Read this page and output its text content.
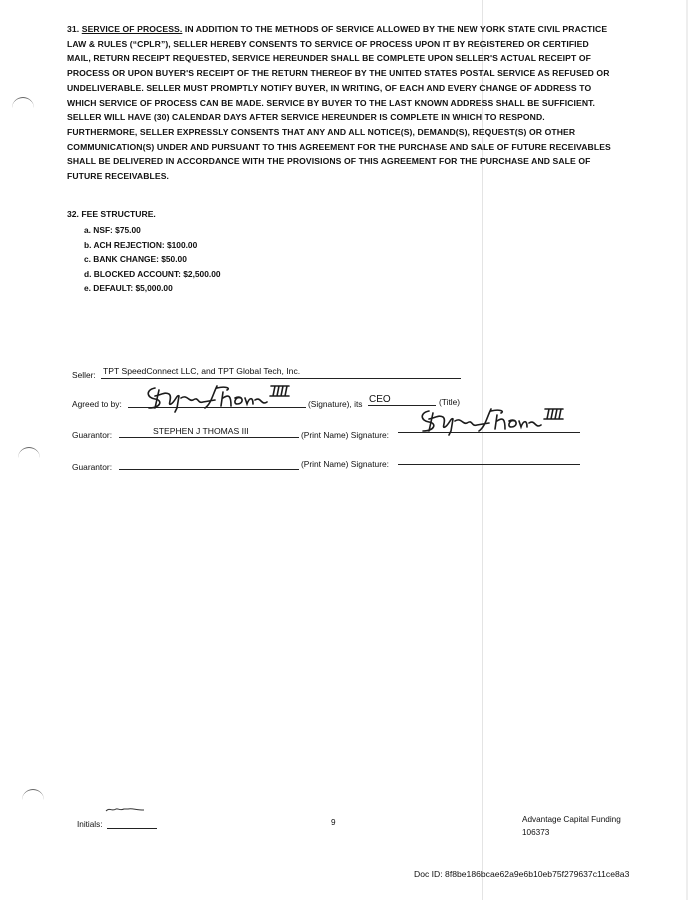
31. SERVICE OF PROCESS. IN ADDITION TO THE METHODS OF SERVICE ALLOWED BY THE NEW YORK STATE CIVIL PRACTICE LAW & RULES (“CPLR”), SELLER HEREBY CONSENTS TO SERVICE OF PROCESS UPON IT BY REGISTERED OR CERTIFIED MAIL, RETURN RECEIPT REQUESTED, SERVICE HEREUNDER SHALL BE COMPLETE UPON SELLER'S ACTUAL RECEIPT OF PROCESS OR UPON BUYER'S RECEIPT OF THE RETURN THEREOF BY THE UNITED STATES POSTAL SERVICE AS REFUSED OR UNDELIVERABLE. SELLER MUST PROMPTLY NOTIFY BUYER, IN WRITING, OF EACH AND EVERY CHANGE OF ADDRESS TO WHICH SERVICE OF PROCESS CAN BE MADE. SERVICE BY BUYER TO THE LAST KNOWN ADDRESS SHALL BE SUFFICIENT. SELLER WILL HAVE (30) CALENDAR DAYS AFTER SERVICE HEREUNDER IS COMPLETE IN WHICH TO RESPOND. FURTHERMORE, SELLER EXPRESSLY CONSENTS THAT ANY AND ALL NOTICE(S), DEMAND(S), REQUEST(S) OR OTHER COMMUNICATION(S) UNDER AND PURSUANT TO THIS AGREEMENT FOR THE PURCHASE AND SALE OF FUTURE RECEIVABLES SHALL BE DELIVERED IN ACCORDANCE WITH THE PROVISIONS OF THIS AGREEMENT FOR THE PURCHASE AND SALE OF FUTURE RECEIVABLES.
32. FEE STRUCTURE.
a. NSF: $75.00
b. ACH REJECTION: $100.00
c. BANK CHANGE: $50.00
d. BLOCKED ACCOUNT: $2,500.00
e. DEFAULT: $5,000.00
Seller: TPT SpeedConnect LLC, and TPT Global Tech, Inc.
Agreed to by:	(Signature), its CEO	(Title)
Guarantor:	STEPHEN J THOMAS III	(Print Name) Signature:
Guarantor:	(Print Name) Signature:
Initials:	9	Advantage Capital Funding
106373
Doc ID: 8f8be186bcae62a9e6b10eb75f279637c11ce8a3
